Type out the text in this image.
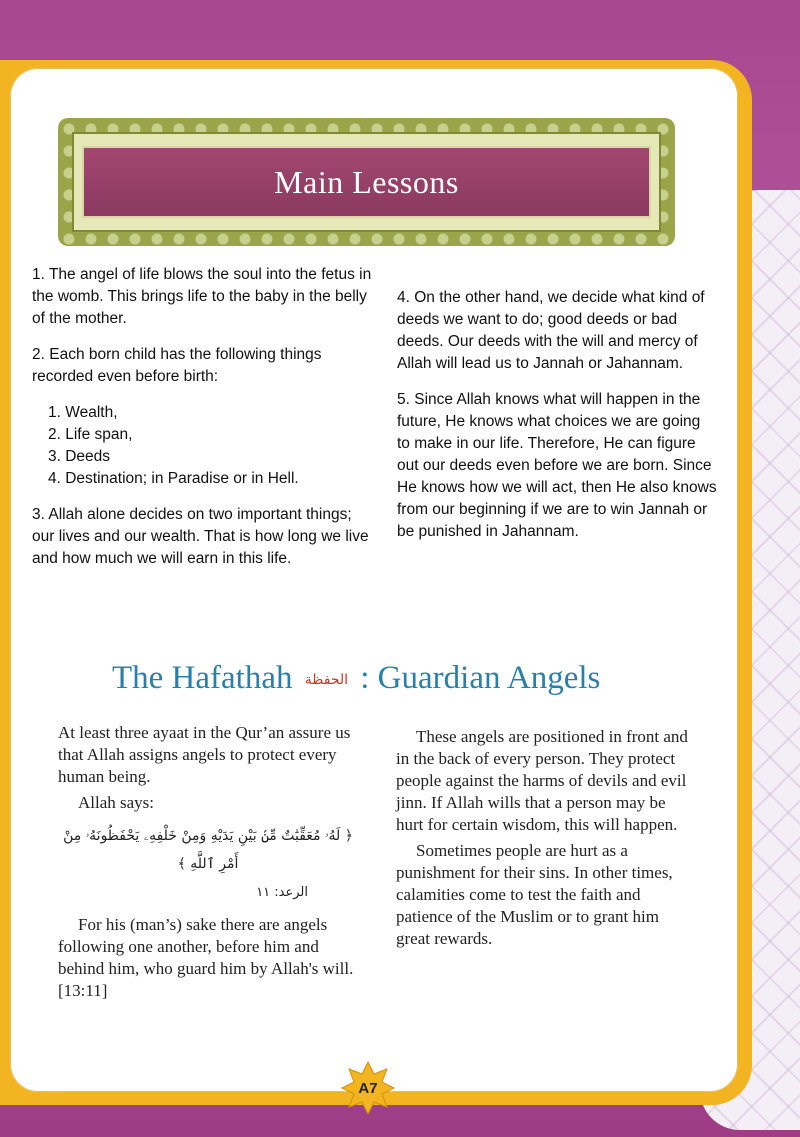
Main Lessons

1. The angel of life blows the soul into the fetus in the womb. This brings life to the baby in the belly of the mother.

2. Each born child has the following things recorded even before birth:

1. Wealth,
2. Life span,
3. Deeds
4. Destination; in Paradise or in Hell.

3. Allah alone decides on two important things; our lives and our wealth. That is how long we live and how much we will earn in this life.

4. On the other hand, we decide what kind of deeds we want to do; good deeds or bad deeds. Our deeds with the will and mercy of Allah will lead us to Jannah or Jahannam.

5. Since Allah knows what will happen in the future, He knows what choices we are going to make in our life. Therefore, He can figure out our deeds even before we are born. Since He knows how we will act, then He also knows from our beginning if we are to win Jannah or be punished in Jahannam.

The Hafathah الحفظة : Guardian Angels

At least three ayaat in the Qur’an assure us that Allah assigns angels to protect every human being.

Allah says:

﴿ لَهُۥ مُعَقِّبَٰتٌ مِّنۢ بَيْنِ يَدَيْهِ وَمِنْ خَلْفِهِۦ يَحْفَظُونَهُۥ مِنْ أَمْرِ ٱللَّهِ ﴾
الرعد: ١١

For his (man’s) sake there are angels following one another, before him and behind him, who guard him by Allah's will. [13:11]

These angels are positioned in front and in the back of every person. They protect people against the harms of devils and evil jinn. If Allah wills that a person may be hurt for certain wisdom, this will happen.

Sometimes people are hurt as a punishment for their sins. In other times, calamities come to test the faith and patience of the Muslim or to grant him great rewards.

A7
